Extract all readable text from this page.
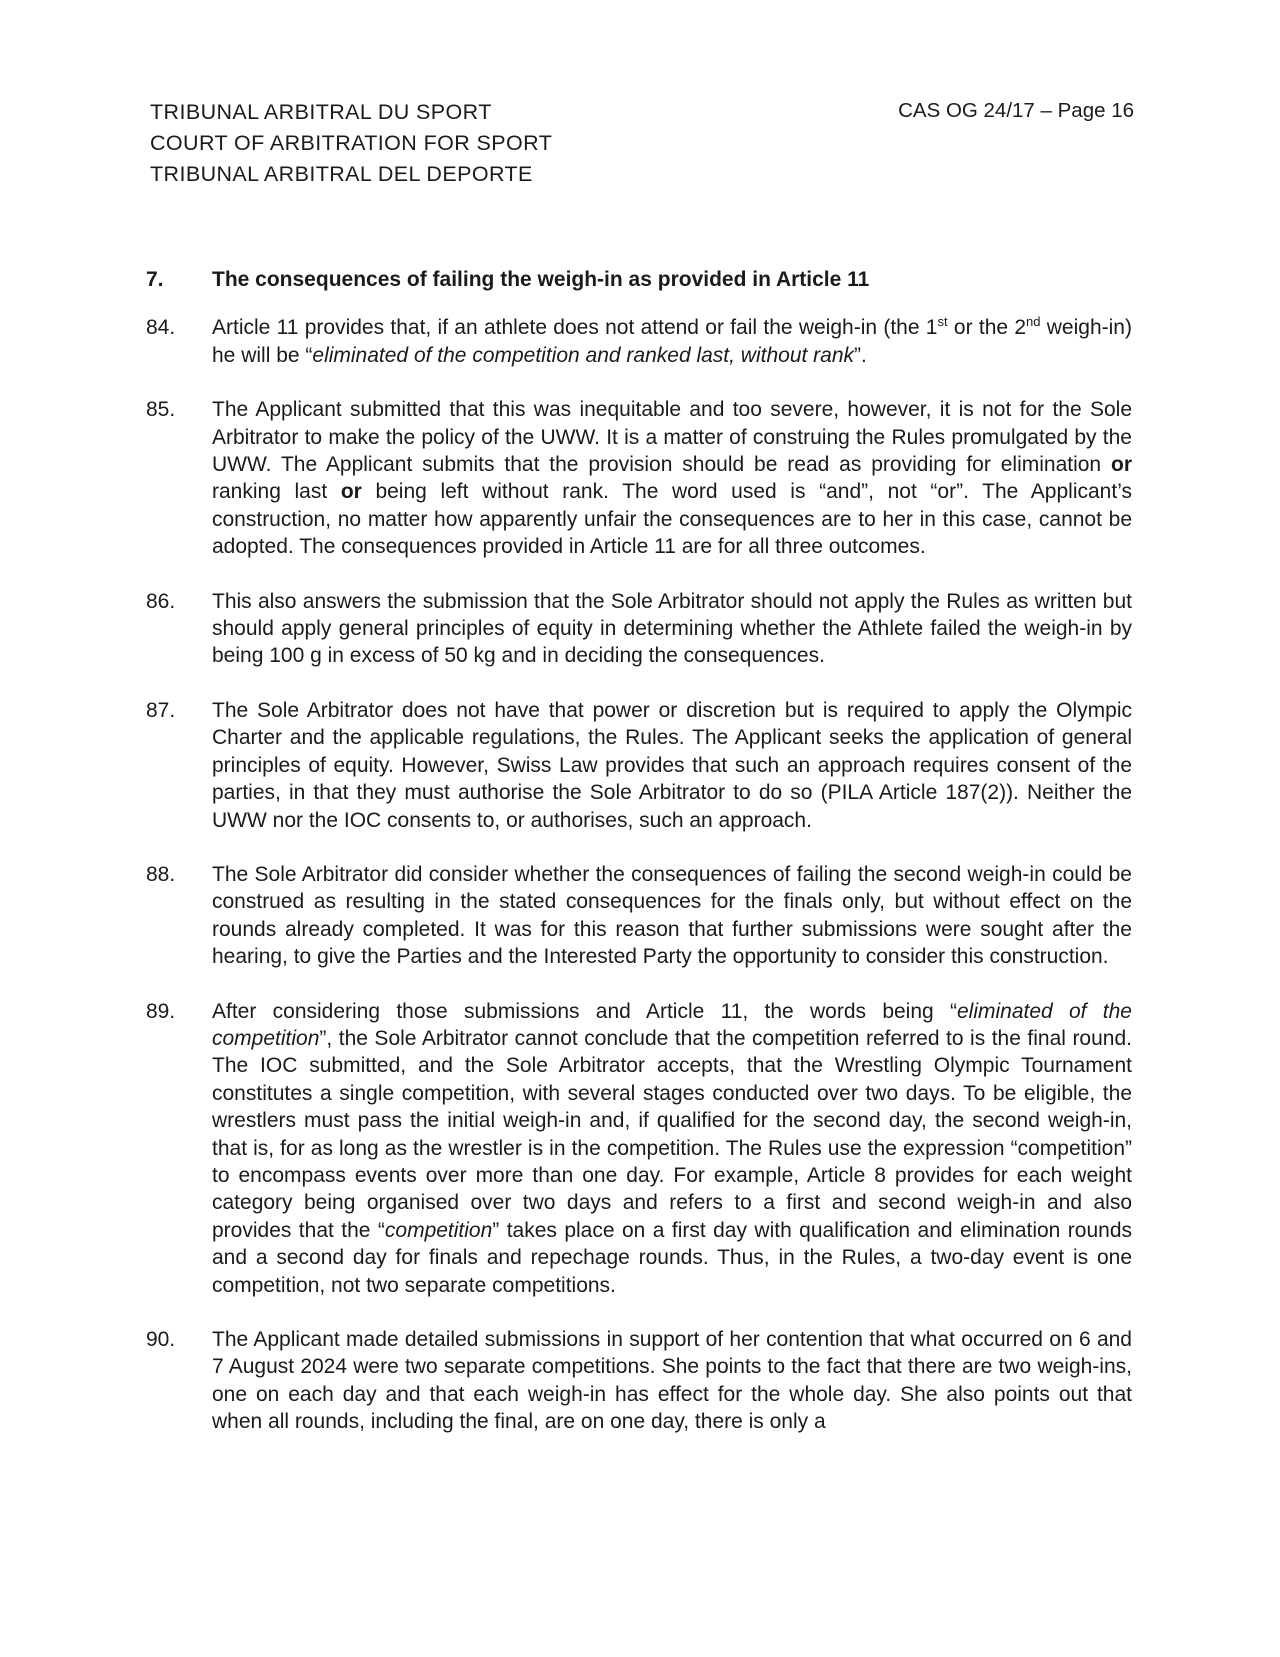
TRIBUNAL ARBITRAL DU SPORT
COURT OF ARBITRATION FOR SPORT
TRIBUNAL ARBITRAL DEL DEPORTE
CAS OG 24/17 – Page 16
7.	The consequences of failing the weigh-in as provided in Article 11
84.	Article 11 provides that, if an athlete does not attend or fail the weigh-in (the 1st or the 2nd weigh-in) he will be “eliminated of the competition and ranked last, without rank”.
85.	The Applicant submitted that this was inequitable and too severe, however, it is not for the Sole Arbitrator to make the policy of the UWW. It is a matter of construing the Rules promulgated by the UWW. The Applicant submits that the provision should be read as providing for elimination or ranking last or being left without rank. The word used is “and”, not “or”. The Applicant’s construction, no matter how apparently unfair the consequences are to her in this case, cannot be adopted. The consequences provided in Article 11 are for all three outcomes.
86.	This also answers the submission that the Sole Arbitrator should not apply the Rules as written but should apply general principles of equity in determining whether the Athlete failed the weigh-in by being 100 g in excess of 50 kg and in deciding the consequences.
87.	The Sole Arbitrator does not have that power or discretion but is required to apply the Olympic Charter and the applicable regulations, the Rules. The Applicant seeks the application of general principles of equity. However, Swiss Law provides that such an approach requires consent of the parties, in that they must authorise the Sole Arbitrator to do so (PILA Article 187(2)). Neither the UWW nor the IOC consents to, or authorises, such an approach.
88.	The Sole Arbitrator did consider whether the consequences of failing the second weigh-in could be construed as resulting in the stated consequences for the finals only, but without effect on the rounds already completed. It was for this reason that further submissions were sought after the hearing, to give the Parties and the Interested Party the opportunity to consider this construction.
89.	After considering those submissions and Article 11, the words being “eliminated of the competition”, the Sole Arbitrator cannot conclude that the competition referred to is the final round. The IOC submitted, and the Sole Arbitrator accepts, that the Wrestling Olympic Tournament constitutes a single competition, with several stages conducted over two days. To be eligible, the wrestlers must pass the initial weigh-in and, if qualified for the second day, the second weigh-in, that is, for as long as the wrestler is in the competition. The Rules use the expression “competition” to encompass events over more than one day. For example, Article 8 provides for each weight category being organised over two days and refers to a first and second weigh-in and also provides that the “competition” takes place on a first day with qualification and elimination rounds and a second day for finals and repechage rounds. Thus, in the Rules, a two-day event is one competition, not two separate competitions.
90.	The Applicant made detailed submissions in support of her contention that what occurred on 6 and 7 August 2024 were two separate competitions. She points to the fact that there are two weigh-ins, one on each day and that each weigh-in has effect for the whole day. She also points out that when all rounds, including the final, are on one day, there is only a
